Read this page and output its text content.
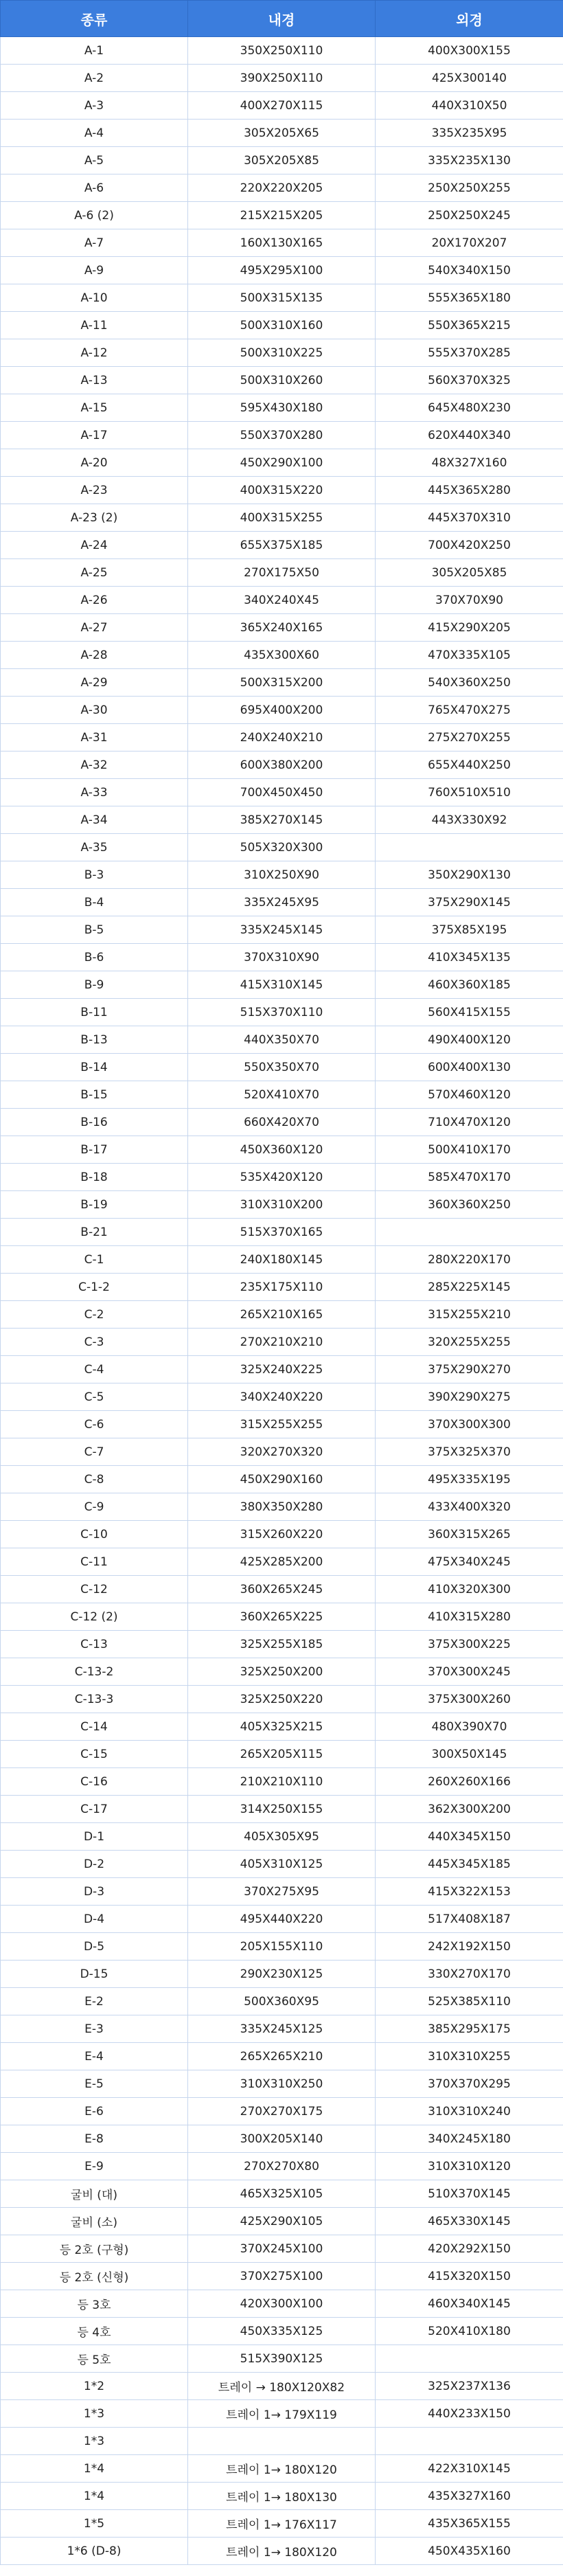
종류	내경	외경
A-1	350X250X110	400X300X155
A-2	390X250X110	425X300140
A-3	400X270X115	440X310X50
A-4	305X205X65	335X235X95
A-5	305X205X85	335X235X130
A-6	220X220X205	250X250X255
A-6 (2)	215X215X205	250X250X245
A-7	160X130X165	20X170X207
A-9	495X295X100	540X340X150
A-10	500X315X135	555X365X180
A-11	500X310X160	550X365X215
A-12	500X310X225	555X370X285
A-13	500X310X260	560X370X325
A-15	595X430X180	645X480X230
A-17	550X370X280	620X440X340
A-20	450X290X100	48X327X160
A-23	400X315X220	445X365X280
A-23 (2)	400X315X255	445X370X310
A-24	655X375X185	700X420X250
A-25	270X175X50	305X205X85
A-26	340X240X45	370X70X90
A-27	365X240X165	415X290X205
A-28	435X300X60	470X335X105
A-29	500X315X200	540X360X250
A-30	695X400X200	765X470X275
A-31	240X240X210	275X270X255
A-32	600X380X200	655X440X250
A-33	700X450X450	760X510X510
A-34	385X270X145	443X330X92
A-35	505X320X300	
B-3	310X250X90	350X290X130
B-4	335X245X95	375X290X145
B-5	335X245X145	375X85X195
B-6	370X310X90	410X345X135
B-9	415X310X145	460X360X185
B-11	515X370X110	560X415X155
B-13	440X350X70	490X400X120
B-14	550X350X70	600X400X130
B-15	520X410X70	570X460X120
B-16	660X420X70	710X470X120
B-17	450X360X120	500X410X170
B-18	535X420X120	585X470X170
B-19	310X310X200	360X360X250
B-21	515X370X165	
C-1	240X180X145	280X220X170
C-1-2	235X175X110	285X225X145
C-2	265X210X165	315X255X210
C-3	270X210X210	320X255X255
C-4	325X240X225	375X290X270
C-5	340X240X220	390X290X275
C-6	315X255X255	370X300X300
C-7	320X270X320	375X325X370
C-8	450X290X160	495X335X195
C-9	380X350X280	433X400X320
C-10	315X260X220	360X315X265
C-11	425X285X200	475X340X245
C-12	360X265X245	410X320X300
C-12 (2)	360X265X225	410X315X280
C-13	325X255X185	375X300X225
C-13-2	325X250X200	370X300X245
C-13-3	325X250X220	375X300X260
C-14	405X325X215	480X390X70
C-15	265X205X115	300X50X145
C-16	210X210X110	260X260X166
C-17	314X250X155	362X300X200
D-1	405X305X95	440X345X150
D-2	405X310X125	445X345X185
D-3	370X275X95	415X322X153
D-4	495X440X220	517X408X187
D-5	205X155X110	242X192X150
D-15	290X230X125	330X270X170
E-2	500X360X95	525X385X110
E-3	335X245X125	385X295X175
E-4	265X265X210	310X310X255
E-5	310X310X250	370X370X295
E-6	270X270X175	310X310X240
E-8	300X205X140	340X245X180
E-9	270X270X80	310X310X120
굴비 (대)	465X325X105	510X370X145
굴비 (소)	425X290X105	465X330X145
등 2호 (구형)	370X245X100	420X292X150
등 2호 (신형)	370X275X100	415X320X150
등 3호	420X300X100	460X340X145
등 4호	450X335X125	520X410X180
등 5호	515X390X125	
1*2	트레이 → 180X120X82	325X237X136
1*3	트레이 1→ 179X119	440X233X150
1*3		
1*4	트레이 1→ 180X120	422X310X145
1*4	트레이 1→ 180X130	435X327X160
1*5	트레이 1→ 176X117	435X365X155
1*6 (D-8)	트레이 1→ 180X120	450X435X160
